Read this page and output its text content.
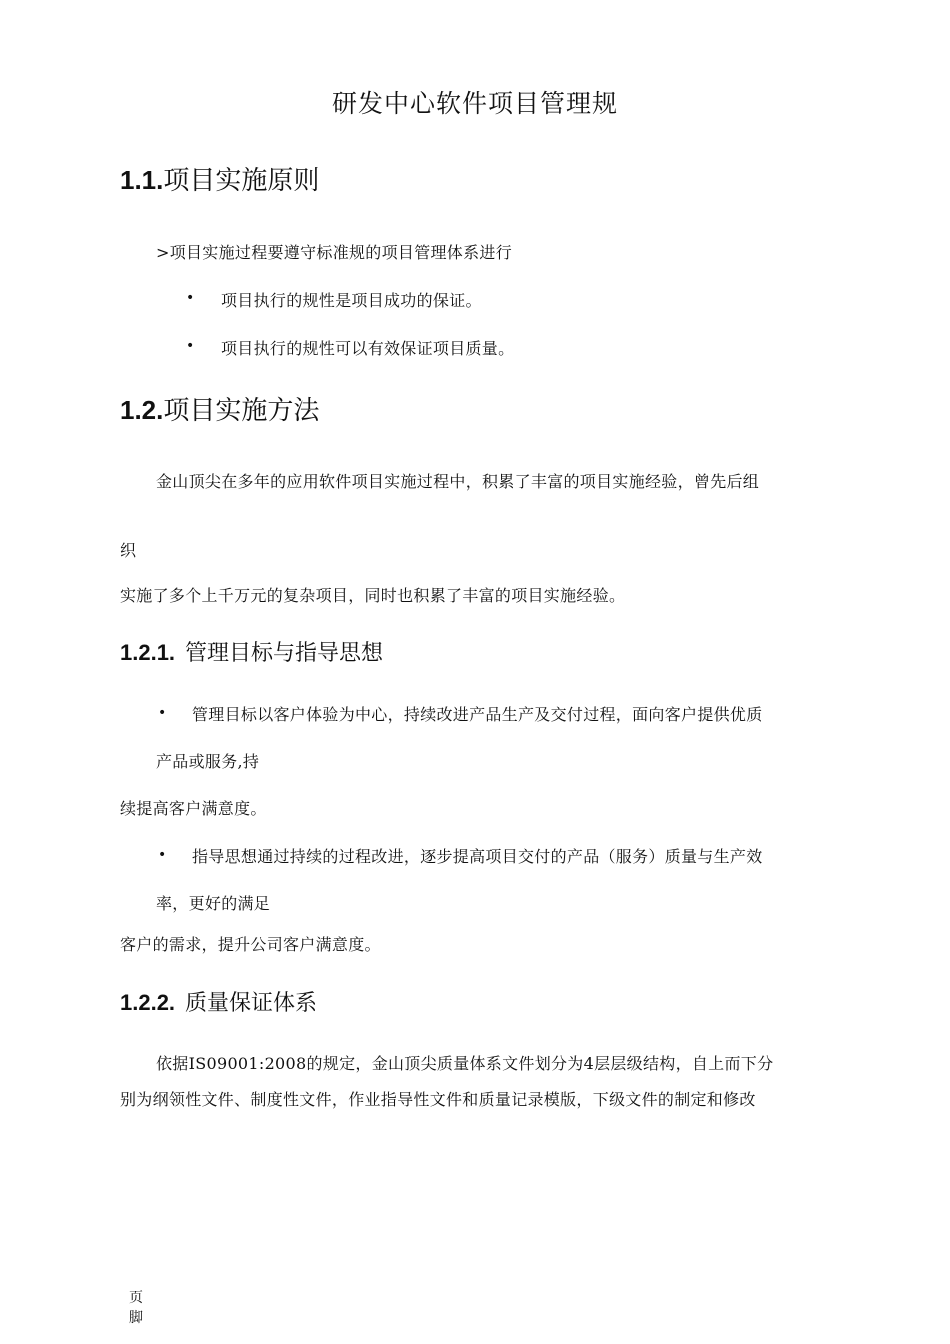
研发中心软件项目管理规
1.1.项目实施原则
>项目实施过程要遵守标准规的项目管理体系进行
• 项目执行的规性是项目成功的保证。
• 项目执行的规性可以有效保证项目质量。
1.2.项目实施方法
金山顶尖在多年的应用软件项目实施过程中，积累了丰富的项目实施经验，曾先后组
织
实施了多个上千万元的复杂项目，同时也积累了丰富的项目实施经验。
1.2.1. 管理目标与指导思想
• 管理目标以客户体验为中心，持续改进产品生产及交付过程，面向客户提供优质
产品或服务,持
续提高客户满意度。
• 指导思想通过持续的过程改进，逐步提高项目交付的产品（服务）质量与生产效
率，更好的满足
客户的需求，提升公司客户满意度。
1.2.2. 质量保证体系
依据IS09001:2008的规定，金山顶尖质量体系文件划分为4层层级结构，自上而下分
别为纲领性文件、制度性文件，作业指导性文件和质量记录模版，下级文件的制定和修改
页
脚
